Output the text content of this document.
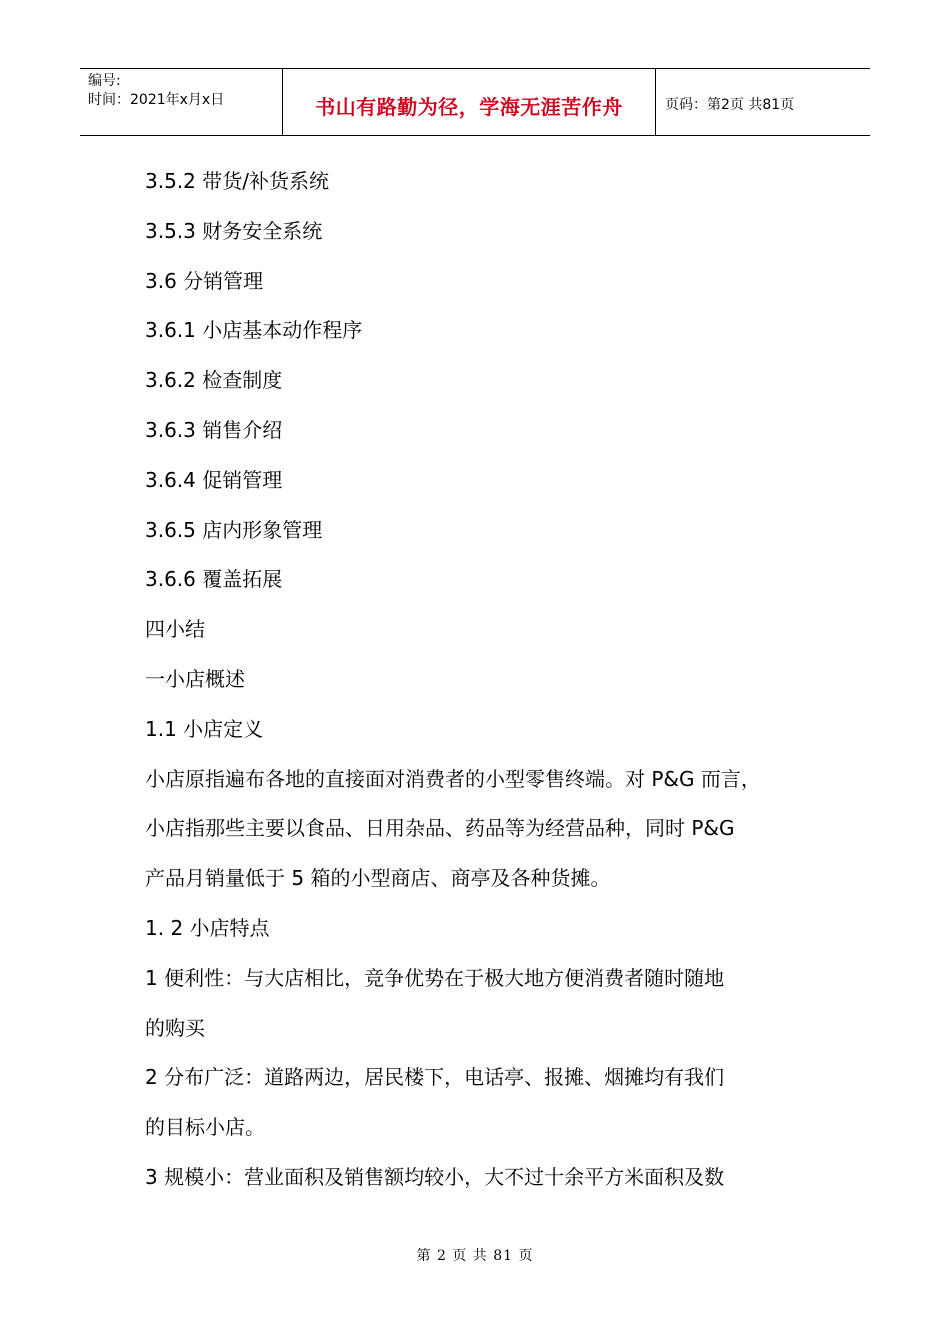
编号:
时间：2021年x月x日	书山有路勤为径，学海无涯苦作舟	页码：第2页 共81页
3.5.2 带货/补货系统
3.5.3 财务安全系统
3.6 分销管理
3.6.1 小店基本动作程序
3.6.2 检查制度
3.6.3 销售介绍
3.6.4 促销管理
3.6.5 店内形象管理
3.6.6 覆盖拓展
四小结
一小店概述
1.1 小店定义
小店原指遍布各地的直接面对消费者的小型零售终端。对 P&G 而言，
小店指那些主要以食品、日用杂品、药品等为经营品种，同时 P&G
产品月销量低于 5 箱的小型商店、商亭及各种货摊。
1. 2 小店特点
1 便利性：与大店相比，竞争优势在于极大地方便消费者随时随地
的购买
2 分布广泛：道路两边，居民楼下，电话亭、报摊、烟摊均有我们
的目标小店。
3 规模小：营业面积及销售额均较小，大不过十余平方米面积及数
第 2 页 共 81 页
